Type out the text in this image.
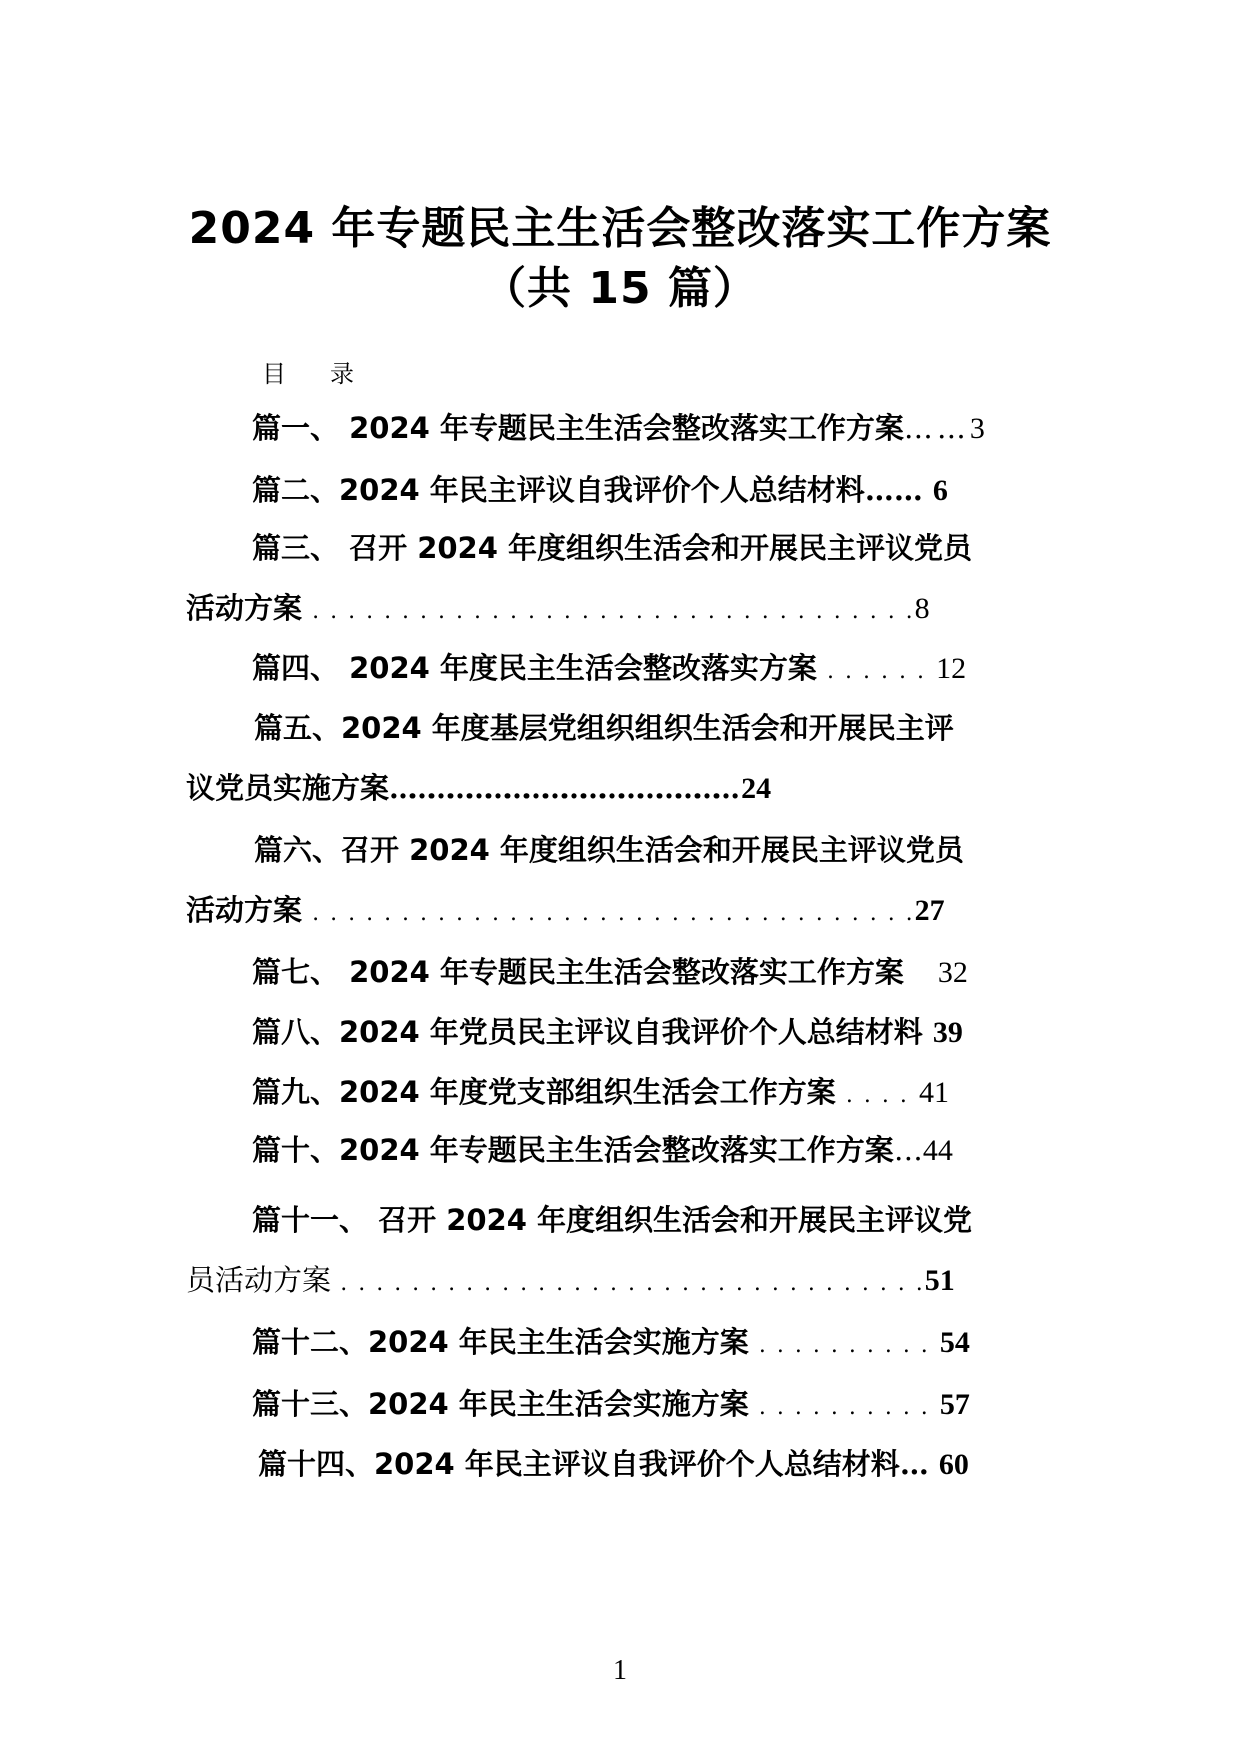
2024 年专题民主生活会整改落实工作方案
（共 15 篇）
目 录
篇一、 2024 年专题民主生活会整改落实工作方案……3
篇二、2024 年民主评议自我评价个人总结材料…… 6
篇三、 召开 2024 年度组织生活会和开展民主评议党员
活动方案 . . . . . . . . . . . . . . . . . . . . . . . . . . . . . . . . . .8
篇四、 2024 年度民主生活会整改落实方案 . . . . . . 12
篇五、2024 年度基层党组织组织生活会和开展民主评
议党员实施方案……………………………………………… 24
篇六、召开 2024 年度组织生活会和开展民主评议党员
活动方案 . . . . . . . . . . . . . . . . . . . . . . . . . . . . . . . . . .27
篇七、 2024 年专题民主生活会整改落实工作方案 32
篇八、2024 年党员民主评议自我评价个人总结材料 39
篇九、2024 年度党支部组织生活会工作方案 . . . . 41
篇十、2024 年专题民主生活会整改落实工作方案…44
篇十一、 召开 2024 年度组织生活会和开展民主评议党
员活动方案 . . . . . . . . . . . . . . . . . . . . . . . . . . . . . . . . .51
篇十二、2024 年民主生活会实施方案 . . . . . . . . . . 54
篇十三、2024 年民主生活会实施方案 . . . . . . . . . . 57
篇十四、2024 年民主评议自我评价个人总结材料… 60
1
